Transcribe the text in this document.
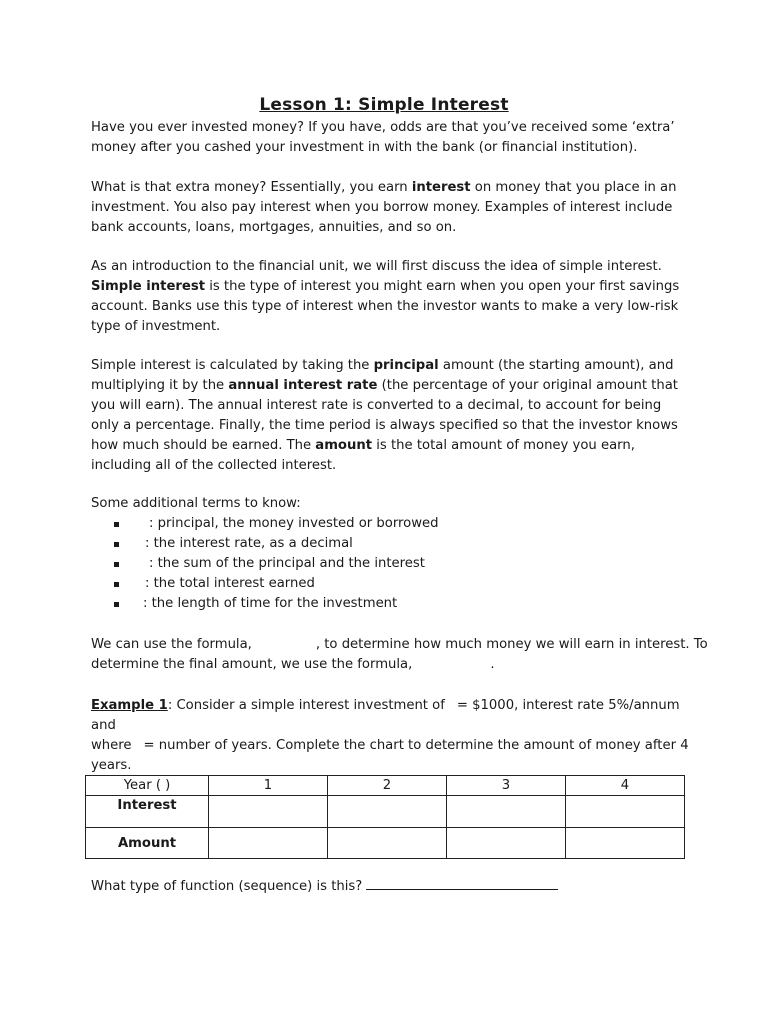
Lesson 1: Simple Interest

Have you ever invested money? If you have, odds are that you’ve received some ‘extra’ money after you cashed your investment in with the bank (or financial institution).

What is that extra money? Essentially, you earn interest on money that you place in an investment. You also pay interest when you borrow money. Examples of interest include bank accounts, loans, mortgages, annuities, and so on.

As an introduction to the financial unit, we will first discuss the idea of simple interest. Simple interest is the type of interest you might earn when you open your first savings account. Banks use this type of interest when the investor wants to make a very low-risk type of investment.

Simple interest is calculated by taking the principal amount (the starting amount), and multiplying it by the annual interest rate (the percentage of your original amount that you will earn). The annual interest rate is converted to a decimal, to account for being only a percentage. Finally, the time period is always specified so that the investor knows how much should be earned. The amount is the total amount of money you earn, including all of the collected interest.

Some additional terms to know:

: principal, the money invested or borrowed
: the interest rate, as a decimal
: the sum of the principal and the interest
: the total interest earned
: the length of time for the investment

We can use the formula,	, to determine how much money we will earn in interest. To
determine the final amount, we use the formula,	.

Example 1: Consider a simple interest investment of = $1000, interest rate 5%/annum and
where = number of years. Complete the chart to determine the amount of money after 4
years.

Year ( )	1	2	3	4
Interest				
Amount				

What type of function (sequence) is this?
